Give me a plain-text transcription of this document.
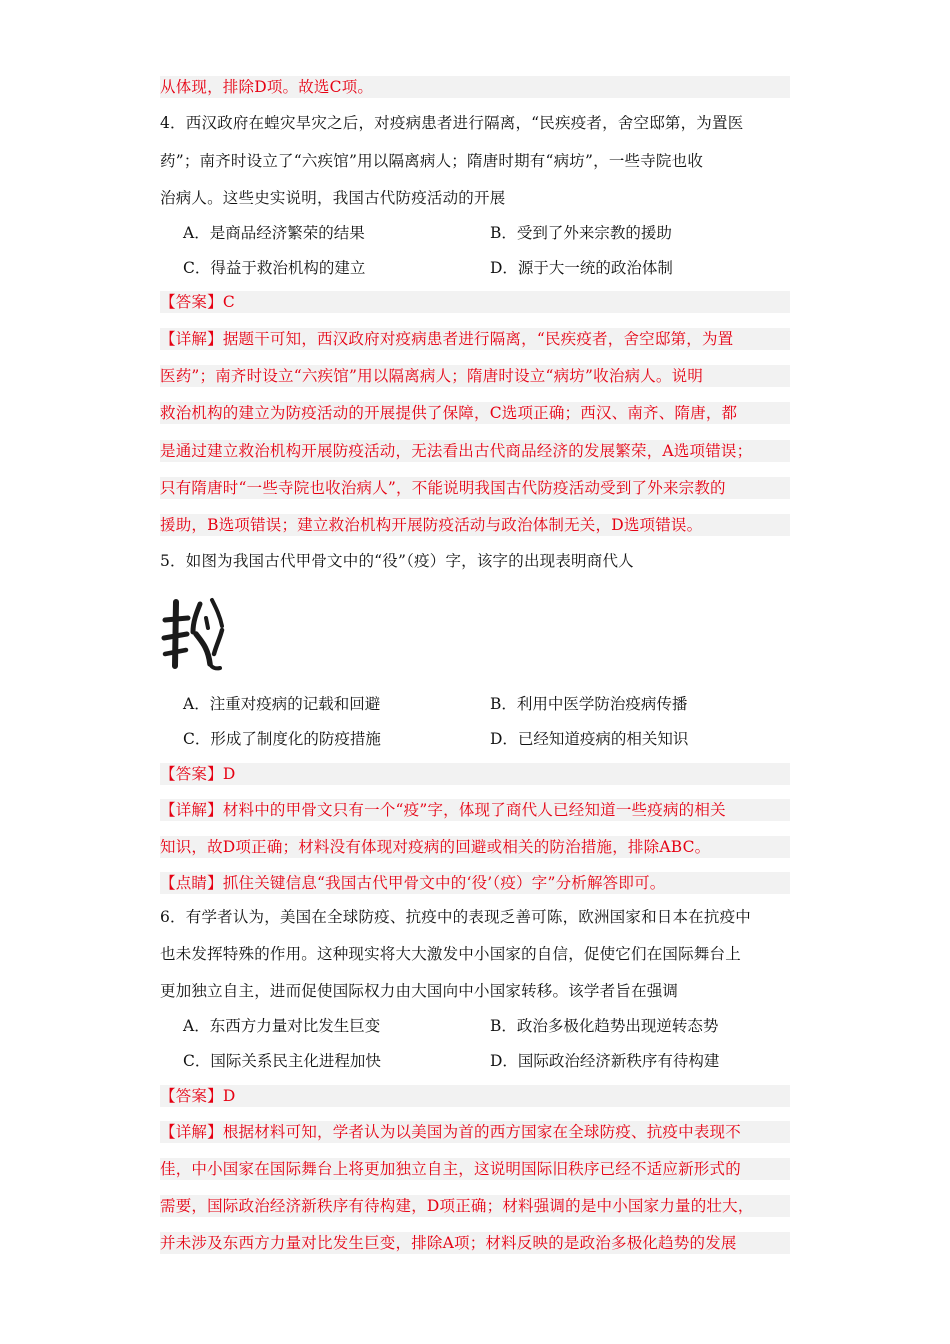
从体现，排除D项。故选C项。
4．西汉政府在蝗灾旱灾之后，对疫病患者进行隔离，“民疾疫者，舍空邸第，为置医
药”；南齐时设立了“六疾馆”用以隔离病人；隋唐时期有“病坊”，一些寺院也收
治病人。这些史实说明，我国古代防疫活动的开展
A．是商品经济繁荣的结果	B．受到了外来宗教的援助
C．得益于救治机构的建立	D．源于大一统的政治体制
【答案】C
【详解】据题干可知，西汉政府对疫病患者进行隔离，“民疾疫者，舍空邸第，为置
医药”；南齐时设立“六疾馆”用以隔离病人；隋唐时设立“病坊”收治病人。说明
救治机构的建立为防疫活动的开展提供了保障，C选项正确；西汉、南齐、隋唐，都
是通过建立救治机构开展防疫活动，无法看出古代商品经济的发展繁荣，A选项错误；
只有隋唐时“一些寺院也收治病人”，不能说明我国古代防疫活动受到了外来宗教的
援助，B选项错误；建立救治机构开展防疫活动与政治体制无关，D选项错误。
5．如图为我国古代甲骨文中的“役”（疫）字，该字的出现表明商代人
A．注重对疫病的记载和回避	B．利用中医学防治疫病传播
C．形成了制度化的防疫措施	D．已经知道疫病的相关知识
【答案】D
【详解】材料中的甲骨文只有一个“疫”字，体现了商代人已经知道一些疫病的相关
知识，故D项正确；材料没有体现对疫病的回避或相关的防治措施，排除ABC。
【点睛】抓住关键信息“我国古代甲骨文中的‘役’（疫）字”分析解答即可。
6．有学者认为，美国在全球防疫、抗疫中的表现乏善可陈，欧洲国家和日本在抗疫中
也未发挥特殊的作用。这种现实将大大激发中小国家的自信，促使它们在国际舞台上
更加独立自主，进而促使国际权力由大国向中小国家转移。该学者旨在强调
A．东西方力量对比发生巨变	B．政治多极化趋势出现逆转态势
C．国际关系民主化进程加快	D．国际政治经济新秩序有待构建
【答案】D
【详解】根据材料可知，学者认为以美国为首的西方国家在全球防疫、抗疫中表现不
佳，中小国家在国际舞台上将更加独立自主，这说明国际旧秩序已经不适应新形式的
需要，国际政治经济新秩序有待构建，D项正确；材料强调的是中小国家力量的壮大，
并未涉及东西方力量对比发生巨变，排除A项；材料反映的是政治多极化趋势的发展
